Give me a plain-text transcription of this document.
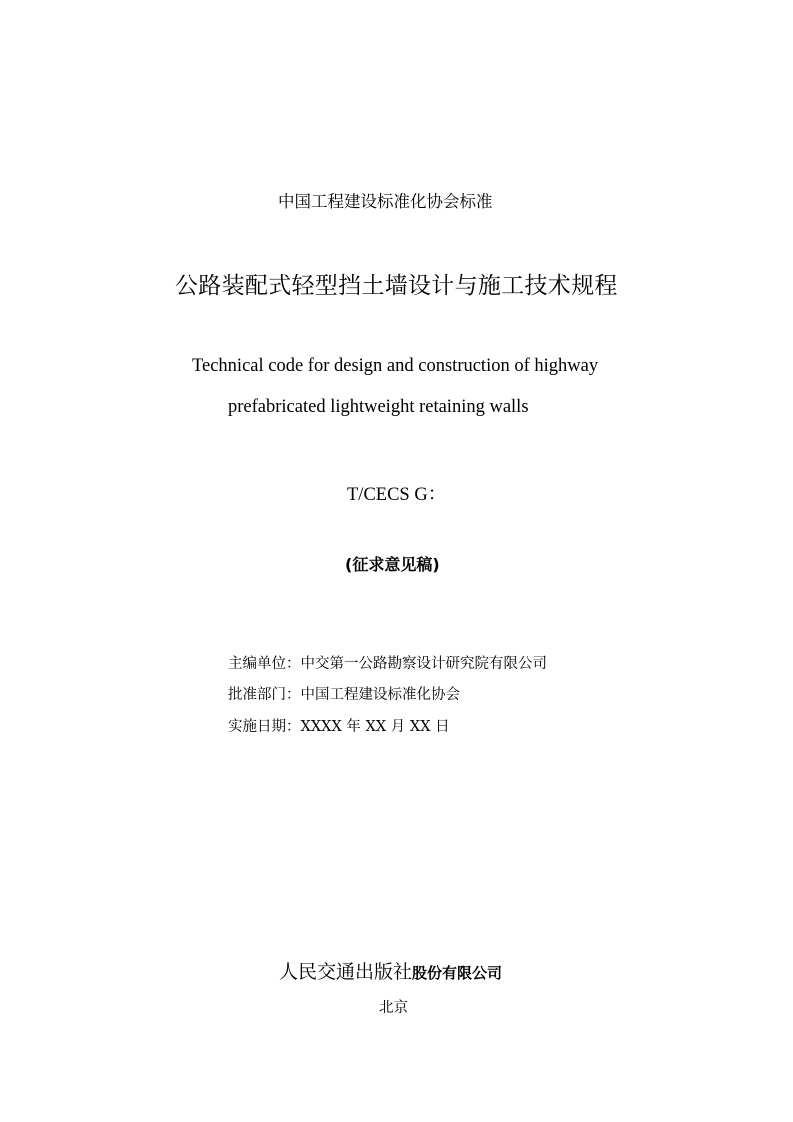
中国工程建设标准化协会标准
公路装配式轻型挡土墙设计与施工技术规程
Technical code for design and construction of highway
prefabricated lightweight retaining walls
T/CECS G：
(征求意见稿)
主编单位：中交第一公路勘察设计研究院有限公司
批准部门：中国工程建设标准化协会
实施日期：XXXX 年 XX 月 XX 日
人民交通出版社股份有限公司
北京
